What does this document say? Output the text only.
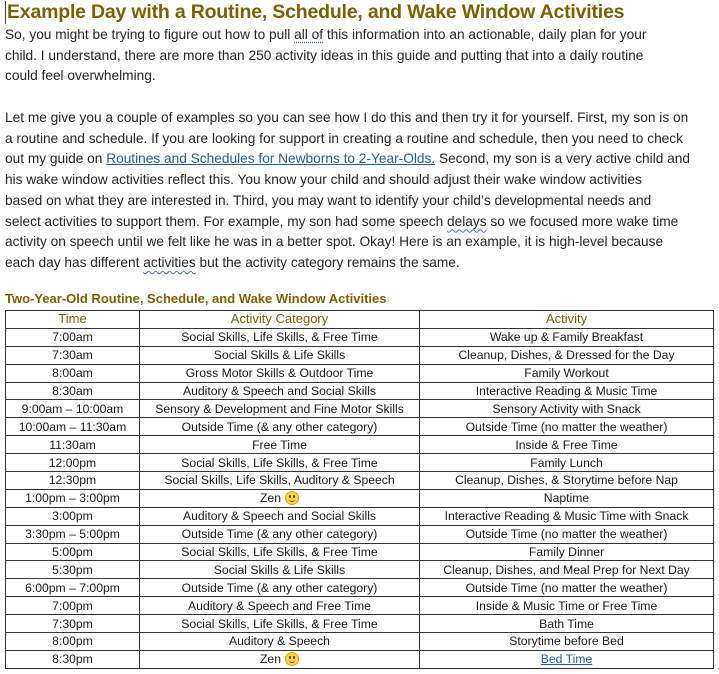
Example Day with a Routine, Schedule, and Wake Window Activities
So, you might be trying to figure out how to pull all of this information into an actionable, daily plan for your
child. I understand, there are more than 250 activity ideas in this guide and putting that into a daily routine
could feel overwhelming.
Let me give you a couple of examples so you can see how I do this and then try it for yourself. First, my son is on
a routine and schedule. If you are looking for support in creating a routine and schedule, then you need to check
out my guide on Routines and Schedules for Newborns to 2-Year-Olds. Second, my son is a very active child and
his wake window activities reflect this. You know your child and should adjust their wake window activities
based on what they are interested in. Third, you may want to identify your child’s developmental needs and
select activities to support them. For example, my son had some speech delays so we focused more wake time
activity on speech until we felt like he was in a better spot. Okay! Here is an example, it is high-level because
each day has different activities but the activity category remains the same.
Two-Year-Old Routine, Schedule, and Wake Window Activities
Time	Activity Category	Activity
7:00am	Social Skills, Life Skills, & Free Time	Wake up & Family Breakfast
7:30am	Social Skills & Life Skills	Cleanup, Dishes, & Dressed for the Day
8:00am	Gross Motor Skills & Outdoor Time	Family Workout
8:30am	Auditory & Speech and Social Skills	Interactive Reading & Music Time
9:00am – 10:00am	Sensory & Development and Fine Motor Skills	Sensory Activity with Snack
10:00am – 11:30am	Outside Time (& any other category)	Outside Time (no matter the weather)
11:30am	Free Time	Inside & Free Time
12:00pm	Social Skills, Life Skills, & Free Time	Family Lunch
12:30pm	Social Skills, Life Skills, Auditory & Speech	Cleanup, Dishes, & Storytime before Nap
1:00pm – 3:00pm	Zen	Naptime
3:00pm	Auditory & Speech and Social Skills	Interactive Reading & Music Time with Snack
3:30pm – 5:00pm	Outside Time (& any other category)	Outside Time (no matter the weather)
5:00pm	Social Skills, Life Skills, & Free Time	Family Dinner
5:30pm	Social Skills & Life Skills	Cleanup, Dishes, and Meal Prep for Next Day
6:00pm – 7:00pm	Outside Time (& any other category)	Outside Time (no matter the weather)
7:00pm	Auditory & Speech and Free Time	Inside & Music Time or Free Time
7:30pm	Social Skills, Life Skills, & Free Time	Bath Time
8:00pm	Auditory & Speech	Storytime before Bed
8:30pm	Zen	Bed Time
